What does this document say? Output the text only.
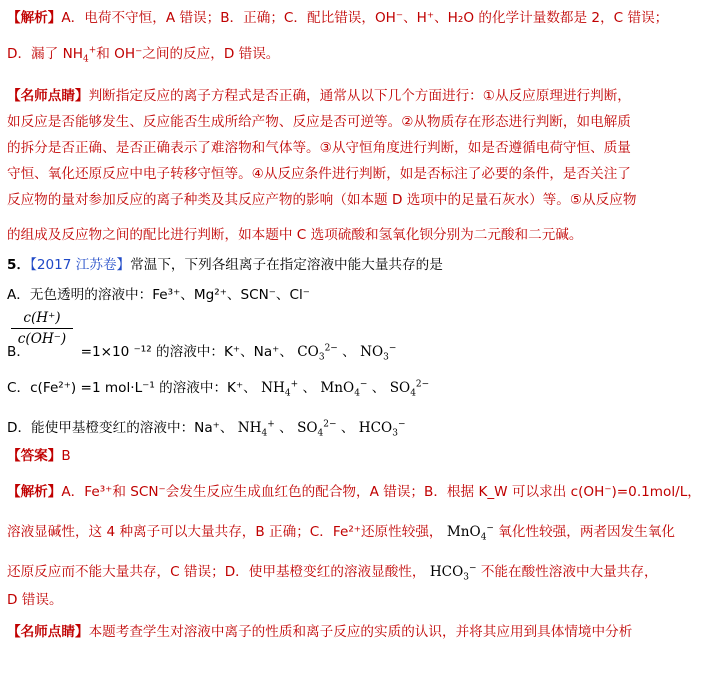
【解析】A．电荷不守恒，A 错误；B．正确；C．配比错误，OH⁻、H⁺、H₂O 的化学计量数都是 2，C 错误；
D．漏了 $NH_4^+$和 OH⁻之间的反应，D 错误。
【名师点睛】判断指定反应的离子方程式是否正确，通常从以下几个方面进行：①从反应原理进行判断，
如反应是否能够发生、反应能否生成所给产物、反应是否可逆等。②从物质存在形态进行判断，如电解质
的拆分是否正确、是否正确表示了难溶物和气体等。③从守恒角度进行判断，如是否遵循电荷守恒、质量
守恒、氧化还原反应中电子转移守恒等。④从反应条件进行判断，如是否标注了必要的条件，是否关注了
反应物的量对参加反应的离子种类及其反应产物的影响（如本题 D 选项中的足量石灰水）等。⑤从反应物
的组成及反应物之间的配比进行判断，如本题中 C 选项硫酸和氢氧化钡分别为二元酸和二元碱。
5．【2017 江苏卷】常温下，下列各组离子在指定溶液中能大量共存的是
A．无色透明的溶液中：Fe³⁺、Mg²⁺、SCN⁻、Cl⁻
c(H⁺)
c(OH⁻)
B．	=1×10 ⁻¹² 的溶液中：K⁺、Na⁺、 $CO_3^{2-}$ 、 $NO_3^-$
C．c(Fe²⁺) =1 mol·L⁻¹ 的溶液中：K⁺、 $NH_4^+$ 、 MnO$_4$− 、 $SO_4^{2-}$
D．能使甲基橙变红的溶液中：Na⁺、 $NH_4^+$ 、 $SO_4^{2-}$ 、 $HCO_3^-$
【答案】B
【解析】A．Fe³⁺和 SCN⁻会发生反应生成血红色的配合物，A 错误；B．根据 K_W 可以求出 c(OH⁻)=0.1mol/L，
溶液显碱性，这 4 种离子可以大量共存，B 正确；C．Fe²⁺还原性较强， MnO$_4$− 氧化性较强，两者因发生氧化
还原反应而不能大量共存，C 错误；D．使甲基橙变红的溶液显酸性， $HCO_3^-$ 不能在酸性溶液中大量共存，
D 错误。
【名师点睛】本题考查学生对溶液中离子的性质和离子反应的实质的认识，并将其应用到具体情境中分析
